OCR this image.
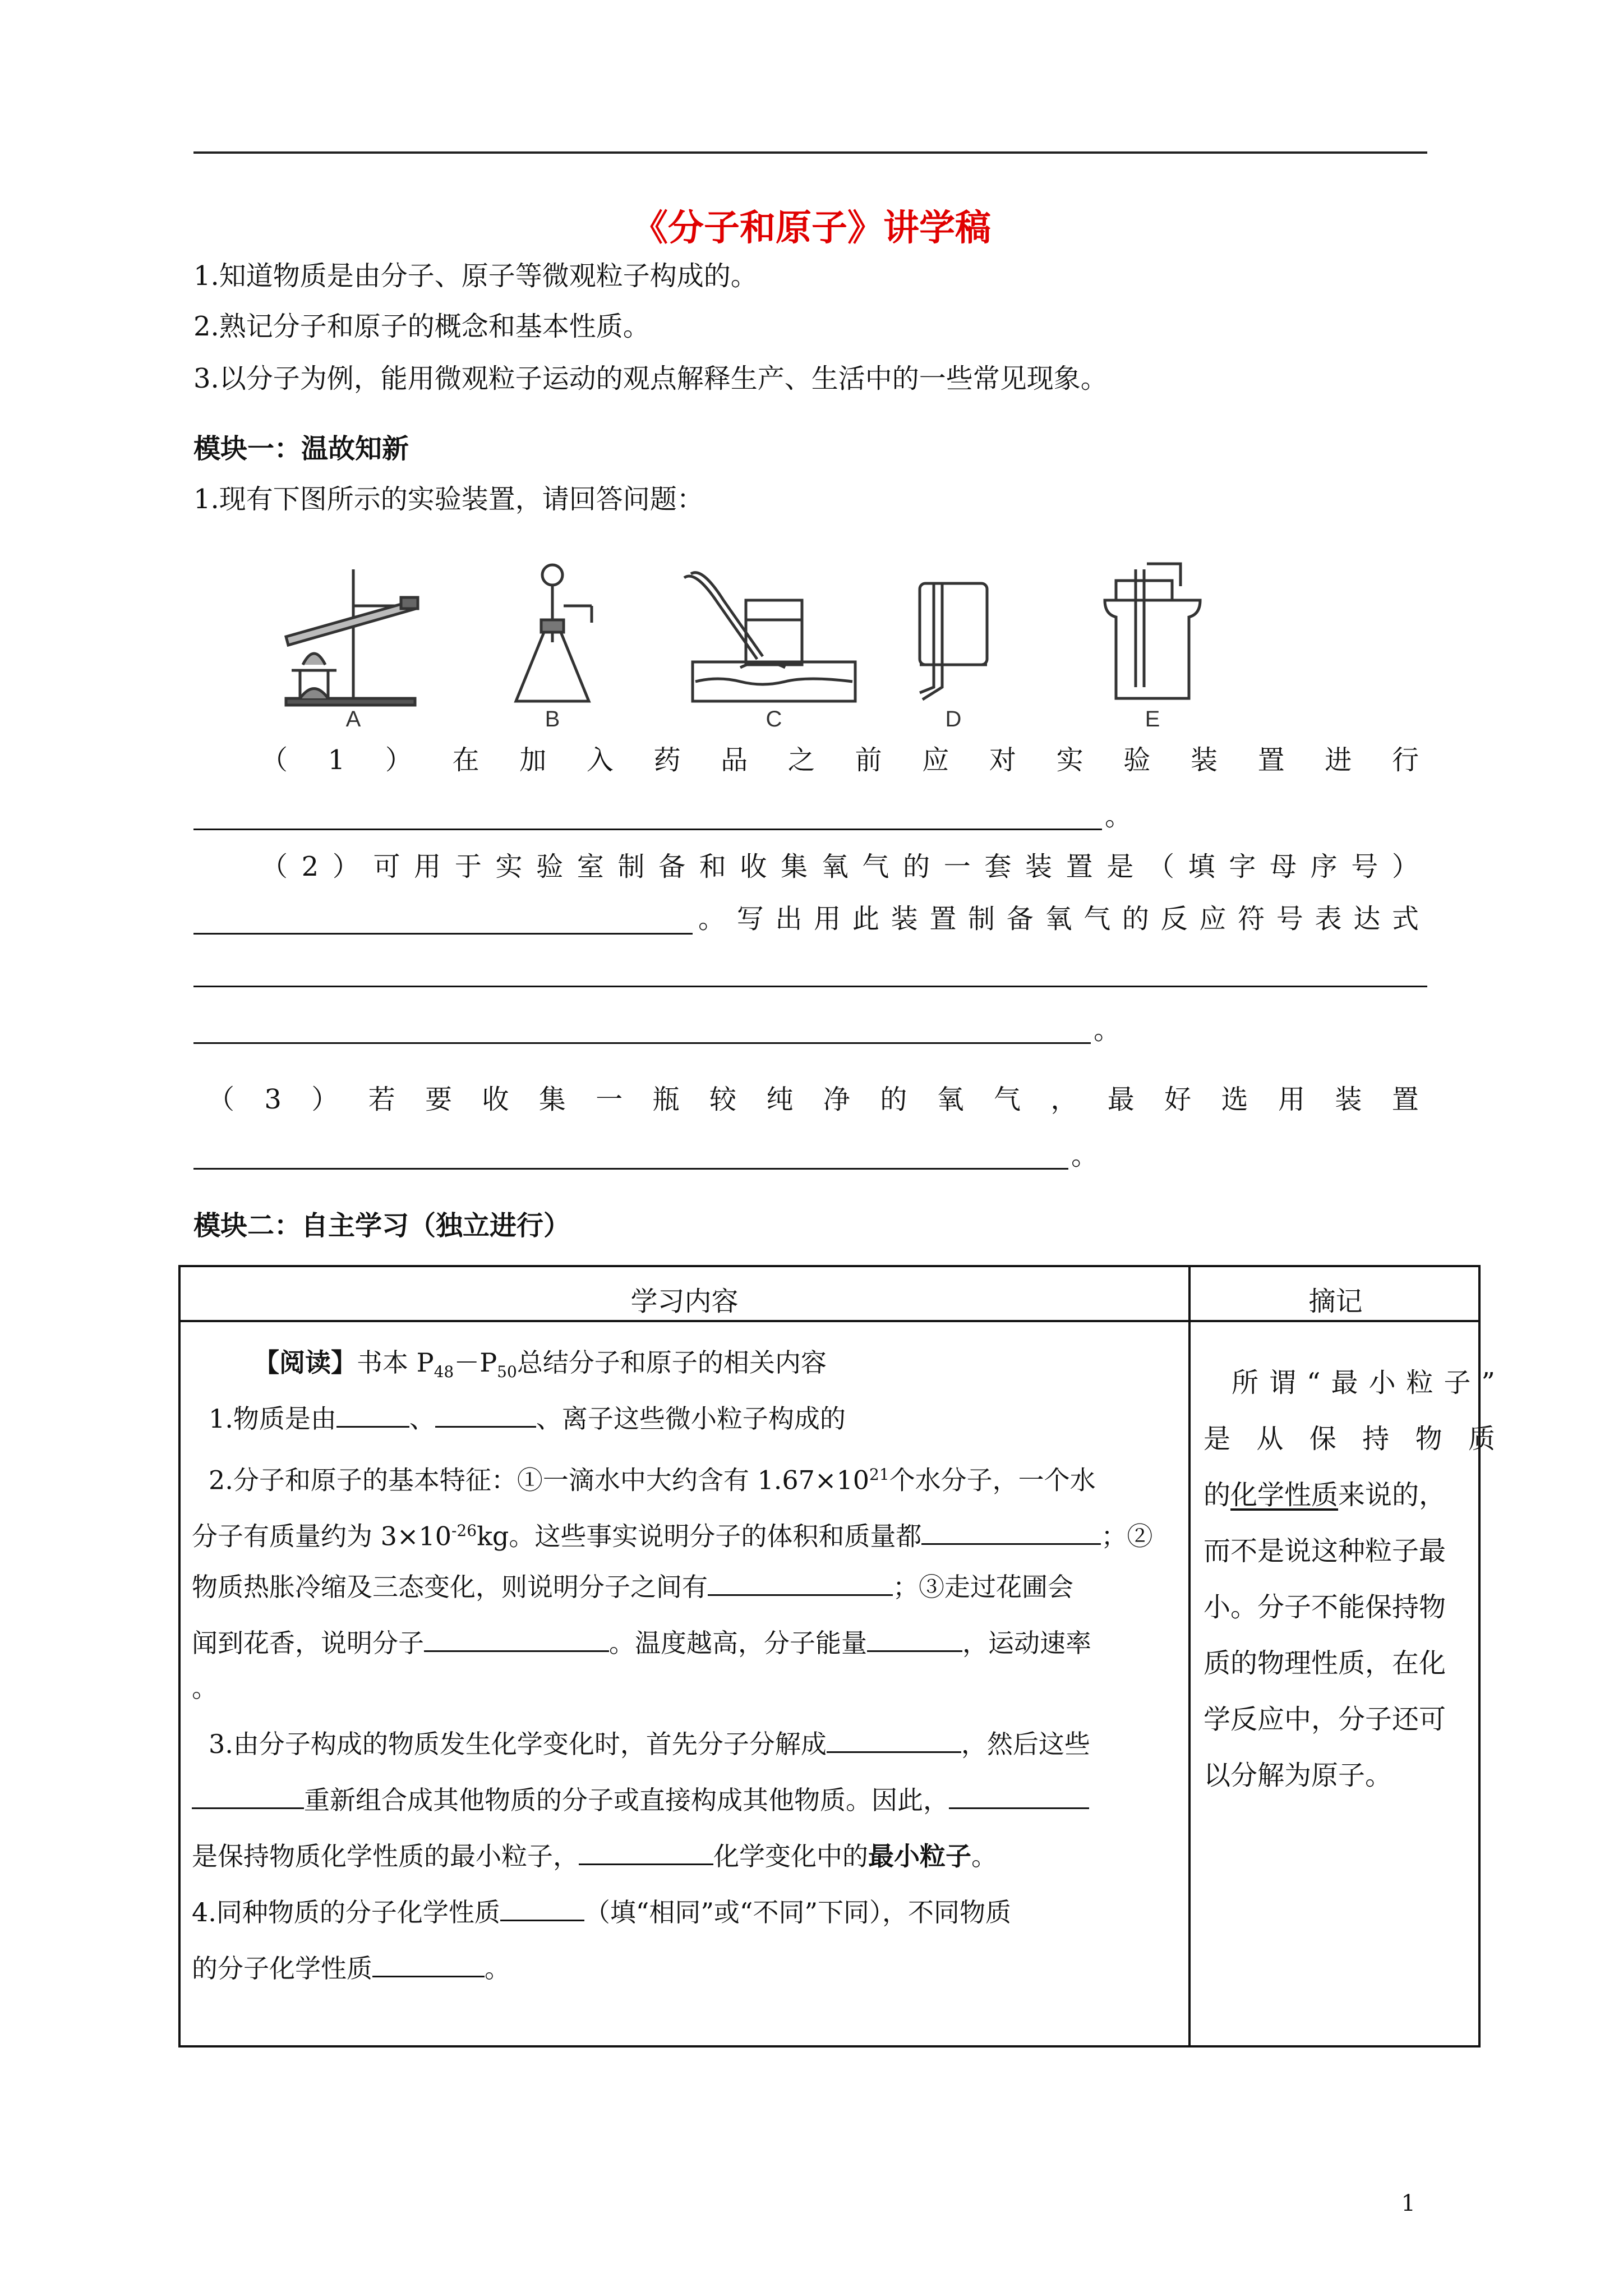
《分子和原子》讲学稿
1.知道物质是由分子、原子等微观粒子构成的。
2.熟记分子和原子的概念和基本性质。
3.以分子为例，能用微观粒子运动的观点解释生产、生活中的一些常见现象。
模块一：温故知新
1.现有下图所示的实验装置，请回答问题：
A	B	C	D	E
（ 1 ） 在 加 入 药 品 之 前 应 对 实 验 装 置 进 行
。
（ 2 ） 可 用 于 实 验 室 制 备 和 收 集 氧 气 的 一 套 装 置 是 （ 填 字 母 序 号 ）
。 写 出 用 此 装 置 制 备 氧 气 的 反 应 符 号 表 达 式
。
（ 3 ） 若 要 收 集 一 瓶 较 纯 净 的 氧 气 ， 最 好 选 用 装 置
。
模块二：自主学习（独立进行）
学习内容	摘记
【阅读】书本 $P_{48}-P_{50}$总结分子和原子的相关内容
1.物质是由	、	、离子这些微小粒子构成的
2.分子和原子的基本特征：①一滴水中大约含有 $1.67\times 10^{21}$个水分子，一个水
分子有质量约为 $3\times 10^{-26}kg$。这些事实说明分子的体积和质量都	；②
物质热胀冷缩及三态变化，则说明分子之间有	；③走过花圃会
闻到花香，说明分子	。温度越高，分子能量	，运动速率
。
3.由分子构成的物质发生化学变化时，首先分子分解成	，然后这些
重新组合成其他物质的分子或直接构成其他物质。因此，
是保持物质化学性质的最小粒子，	化学变化中的最小粒子。
4.同种物质的分子化学性质	（填“相同”或“不同”下同），不同物质
的分子化学性质	。
所 谓 “ 最 小 粒 子 ”
是 从 保 持 物 质
的化学性质来说的，
而不是说这种粒子最
小。分子不能保持物
质的物理性质，在化
学反应中，分子还可
以分解为原子。
1
